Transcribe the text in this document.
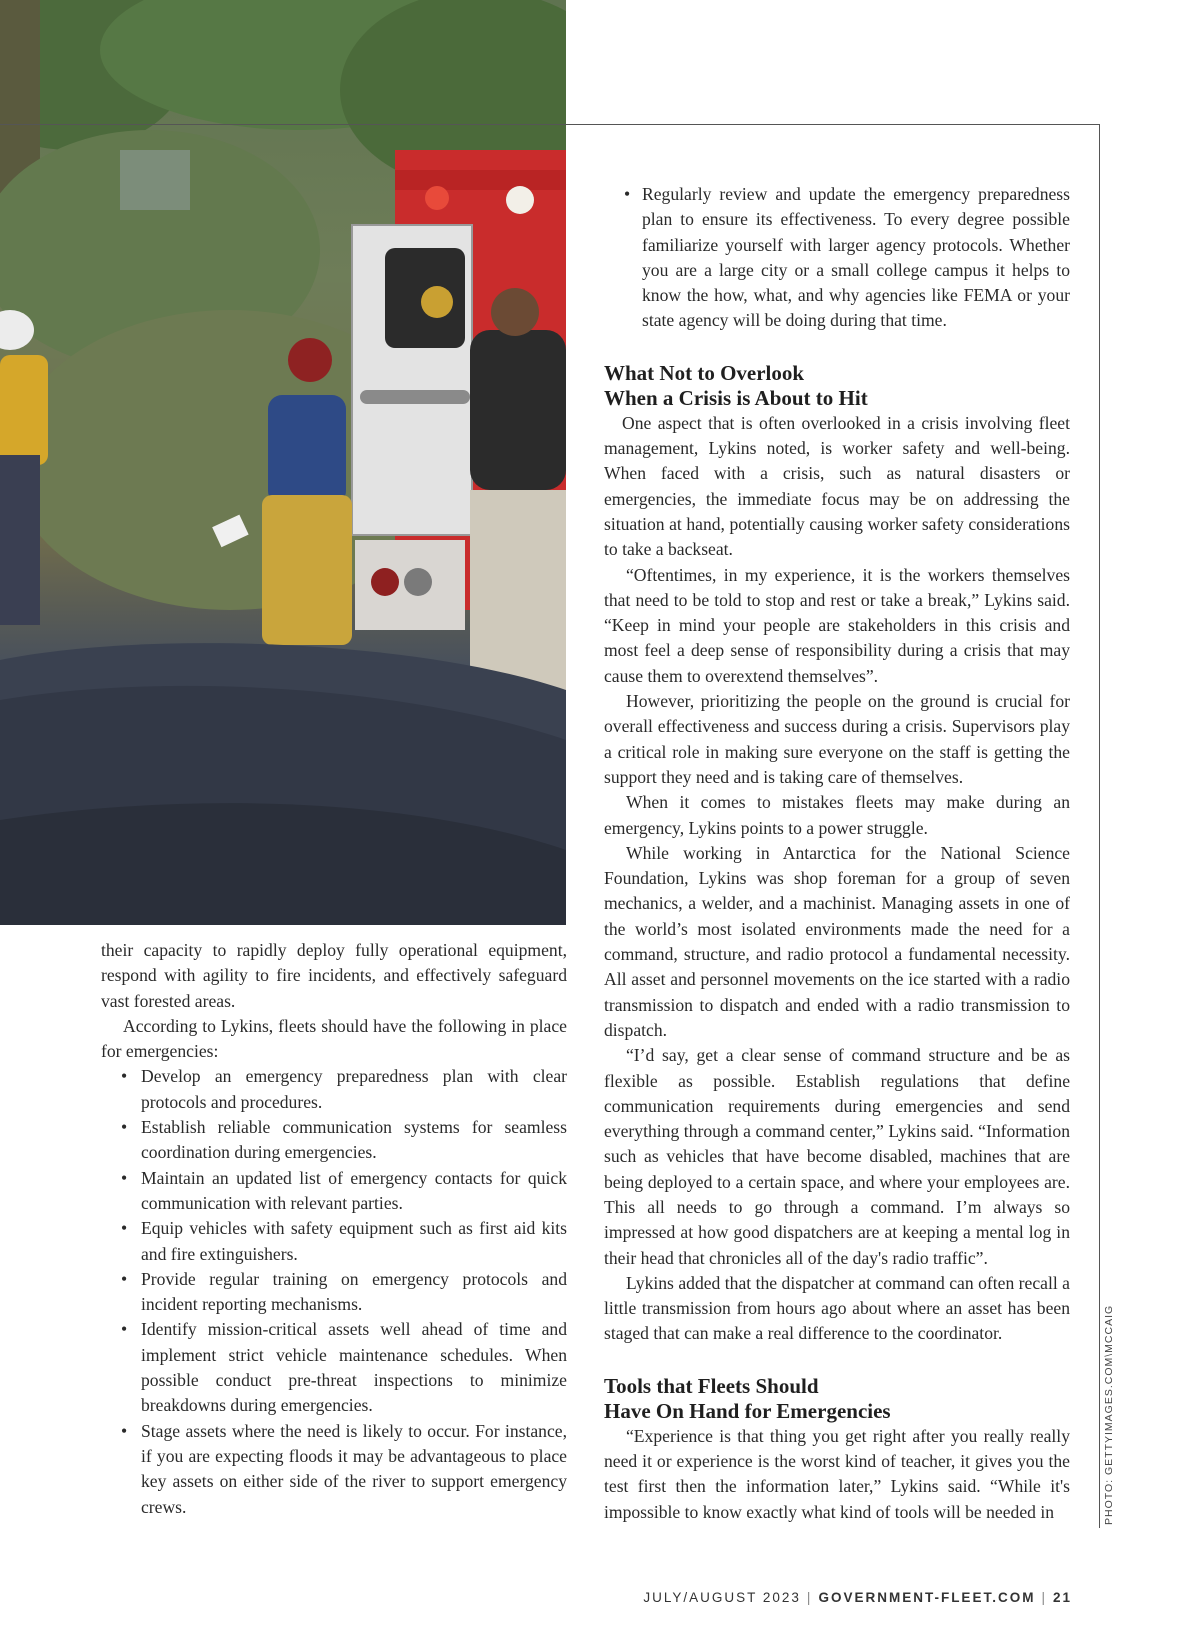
their capacity to rapidly deploy fully operational equipment, respond with agility to fire incidents, and effectively safeguard vast forested areas.

According to Lykins, fleets should have the following in place for emergencies:

• Develop an emergency preparedness plan with clear protocols and procedures.
• Establish reliable communication systems for seamless coordination during emergencies.
• Maintain an updated list of emergency contacts for quick communication with relevant parties.
• Equip vehicles with safety equipment such as first aid kits and fire extinguishers.
• Provide regular training on emergency protocols and incident reporting mechanisms.
• Identify mission-critical assets well ahead of time and implement strict vehicle maintenance schedules. When possible conduct pre-threat inspections to minimize breakdowns during emergencies.
• Stage assets where the need is likely to occur. For instance, if you are expecting floods it may be advantageous to place key assets on either side of the river to support emergency crews.
• Regularly review and update the emergency preparedness plan to ensure its effectiveness. To every degree possible familiarize yourself with larger agency protocols. Whether you are a large city or a small college campus it helps to know the how, what, and why agencies like FEMA or your state agency will be doing during that time.
What Not to Overlook
When a Crisis is About to Hit

One aspect that is often overlooked in a crisis involving fleet management, Lykins noted, is worker safety and well-being. When faced with a crisis, such as natural disasters or emergencies, the immediate focus may be on addressing the situation at hand, potentially causing worker safety considerations to take a backseat.

“Oftentimes, in my experience, it is the workers themselves that need to be told to stop and rest or take a break,” Lykins said. “Keep in mind your people are stakeholders in this crisis and most feel a deep sense of responsibility during a crisis that may cause them to overextend themselves”.

However, prioritizing the people on the ground is crucial for overall effectiveness and success during a crisis. Supervisors play a critical role in making sure everyone on the staff is getting the support they need and is taking care of themselves.

When it comes to mistakes fleets may make during an emergency, Lykins points to a power struggle.

While working in Antarctica for the National Science Foundation, Lykins was shop foreman for a group of seven mechanics, a welder, and a machinist. Managing assets in one of the world’s most isolated environments made the need for a command, structure, and radio protocol a fundamental necessity. All asset and personnel movements on the ice started with a radio transmission to dispatch and ended with a radio transmission to dispatch.

“I’d say, get a clear sense of command structure and be as flexible as possible. Establish regulations that define communication requirements during emergencies and send everything through a command center,” Lykins said. “Information such as vehicles that have become disabled, machines that are being deployed to a certain space, and where your employees are. This all needs to go through a command. I’m always so impressed at how good dispatchers are at keeping a mental log in their head that chronicles all of the day's radio traffic”.

Lykins added that the dispatcher at command can often recall a little transmission from hours ago about where an asset has been staged that can make a real difference to the coordinator.

Tools that Fleets Should
Have On Hand for Emergencies

“Experience is that thing you get right after you really really need it or experience is the worst kind of teacher, it gives you the test first then the information later,” Lykins said. “While it's impossible to know exactly what kind of tools will be needed in	PHOTO: GETTYIMAGES.COM\MCCAIG
JULY/AUGUST 2023 | GOVERNMENT-FLEET.COM | 21
